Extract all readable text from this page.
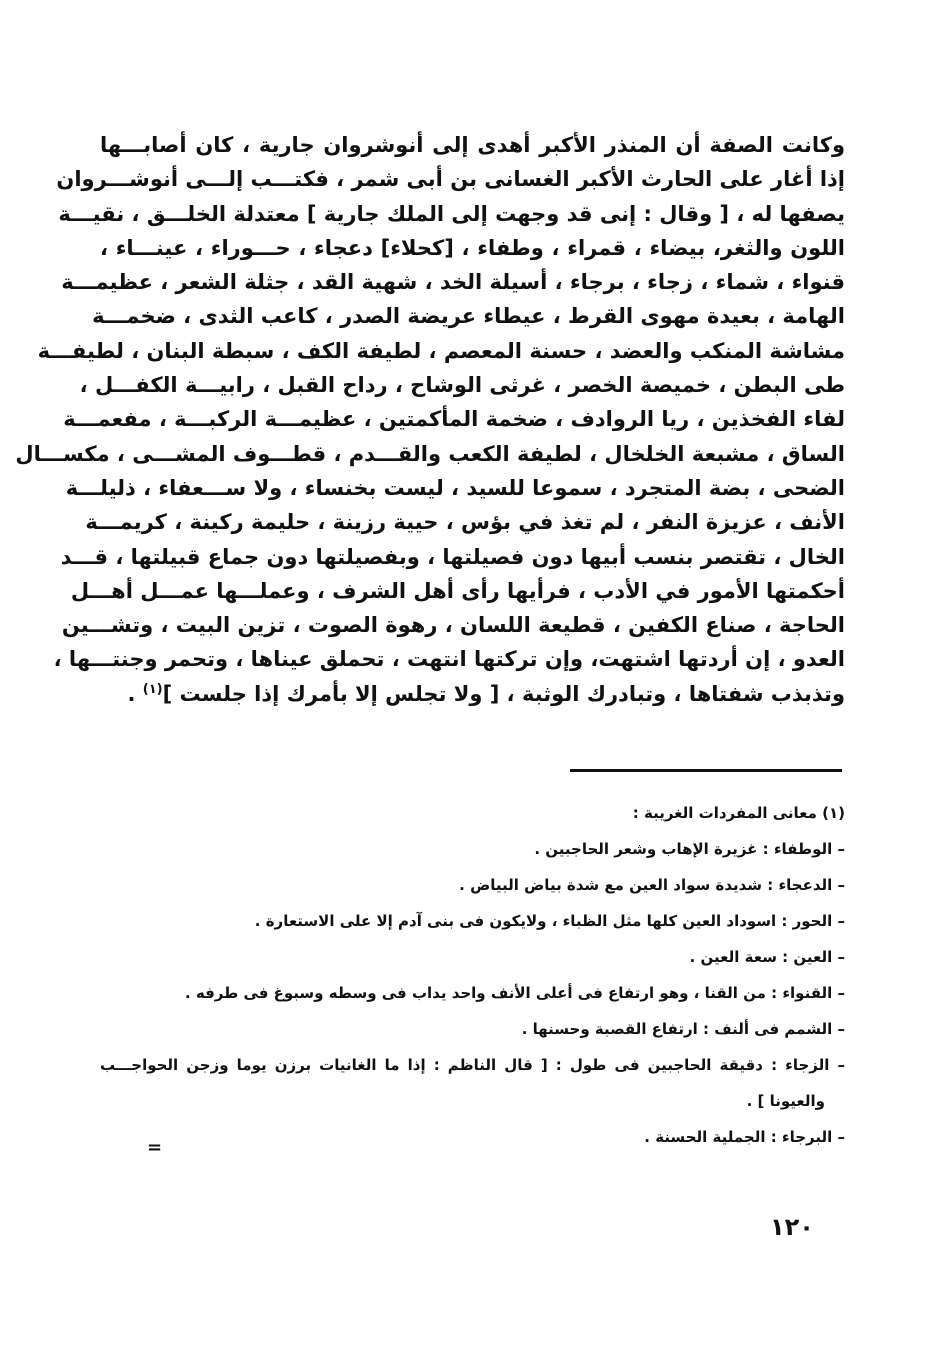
وكانت الصفة أن المنذر الأكبر أهدى إلى أنوشروان جارية ، كان أصابـــها
إذا أغار على الحارث الأكبر الغسانى بن أبى شمر ، فكتـــب إلـــى أنوشـــروان
يصفها له ، [ وقال : إنى قد وجهت إلى الملك جارية ] معتدلة الخلـــق ، نقيـــة
اللون والثغر، بيضاء ، قمراء ، وطفاء ، [كحلاء] دعجاء ، حـــوراء ، عينـــاء ،
قنواء ، شماء ، زجاء ، برجاء ، أسيلة الخد ، شهية القد ، جثلة الشعر ، عظيمـــة
الهامة ، بعيدة مهوى القرط ، عيطاء عريضة الصدر ، كاعب الثدى ، ضخمـــة
مشاشة المنكب والعضد ، حسنة المعصم ، لطيفة الكف ، سبطة البنان ، لطيفـــة
طى البطن ، خميصة الخصر ، غرثى الوشاح ، رداح القبل ، رابيـــة الكفـــل ،
لفاء الفخذين ، ريا الروادف ، ضخمة المأكمتين ، عظيمـــة الركبـــة ، مفعمـــة
الساق ، مشبعة الخلخال ، لطيفة الكعب والقـــدم ، قطـــوف المشـــى ، مكســـال
الضحى ، بضة المتجرد ، سموعا للسيد ، ليست بخنساء ، ولا ســـعفاء ، ذليلـــة
الأنف ، عزيزة النفر ، لم تغذ في بؤس ، حيية رزينة ، حليمة ركينة ، كريمـــة
الخال ، تقتصر بنسب أبيها دون فصيلتها ، وبفصيلتها دون جماع قبيلتها ، قـــد
أحكمتها الأمور في الأدب ، فرأيها رأى أهل الشرف ، وعملـــها عمـــل أهـــل
الحاجة ، صناع الكفين ، قطيعة اللسان ، رهوة الصوت ، تزين البيت ، وتشـــين
العدو ، إن أردتها اشتهت، وإن تركتها انتهت ، تحملق عيناها ، وتحمر وجنتـــها ،
وتذبذب شفتاها ، وتبادرك الوثبة ، [ ولا تجلس إلا بأمرك إذا جلست ]$^{(١)}$ .
(١) معانى المفردات الغريبة :
– الوطفاء : غزيرة الإهاب وشعر الحاجبين .
– الدعجاء : شديدة سواد العين مع شدة بياض البياض .
– الحور : اسوداد العين كلها مثل الظباء ، ولايكون فى بنى آدم إلا على الاستعارة .
– العين : سعة العين .
– القنواء : من القنا ، وهو ارتفاع فى أعلى الأنف واحد يداب فى وسطه وسبوغ فى طرفه .
– الشمم فى ألنف : ارتفاع القصبة وحسنها .
– الزجاء : دقيقة الحاجبين فى طول : [ قال الناظم : إذا ما الغانيات برزن يوما وزجن الحواجـــب
والعيونا ] .
– البرجاء : الجملية الحسنة .
=
١٢٠
